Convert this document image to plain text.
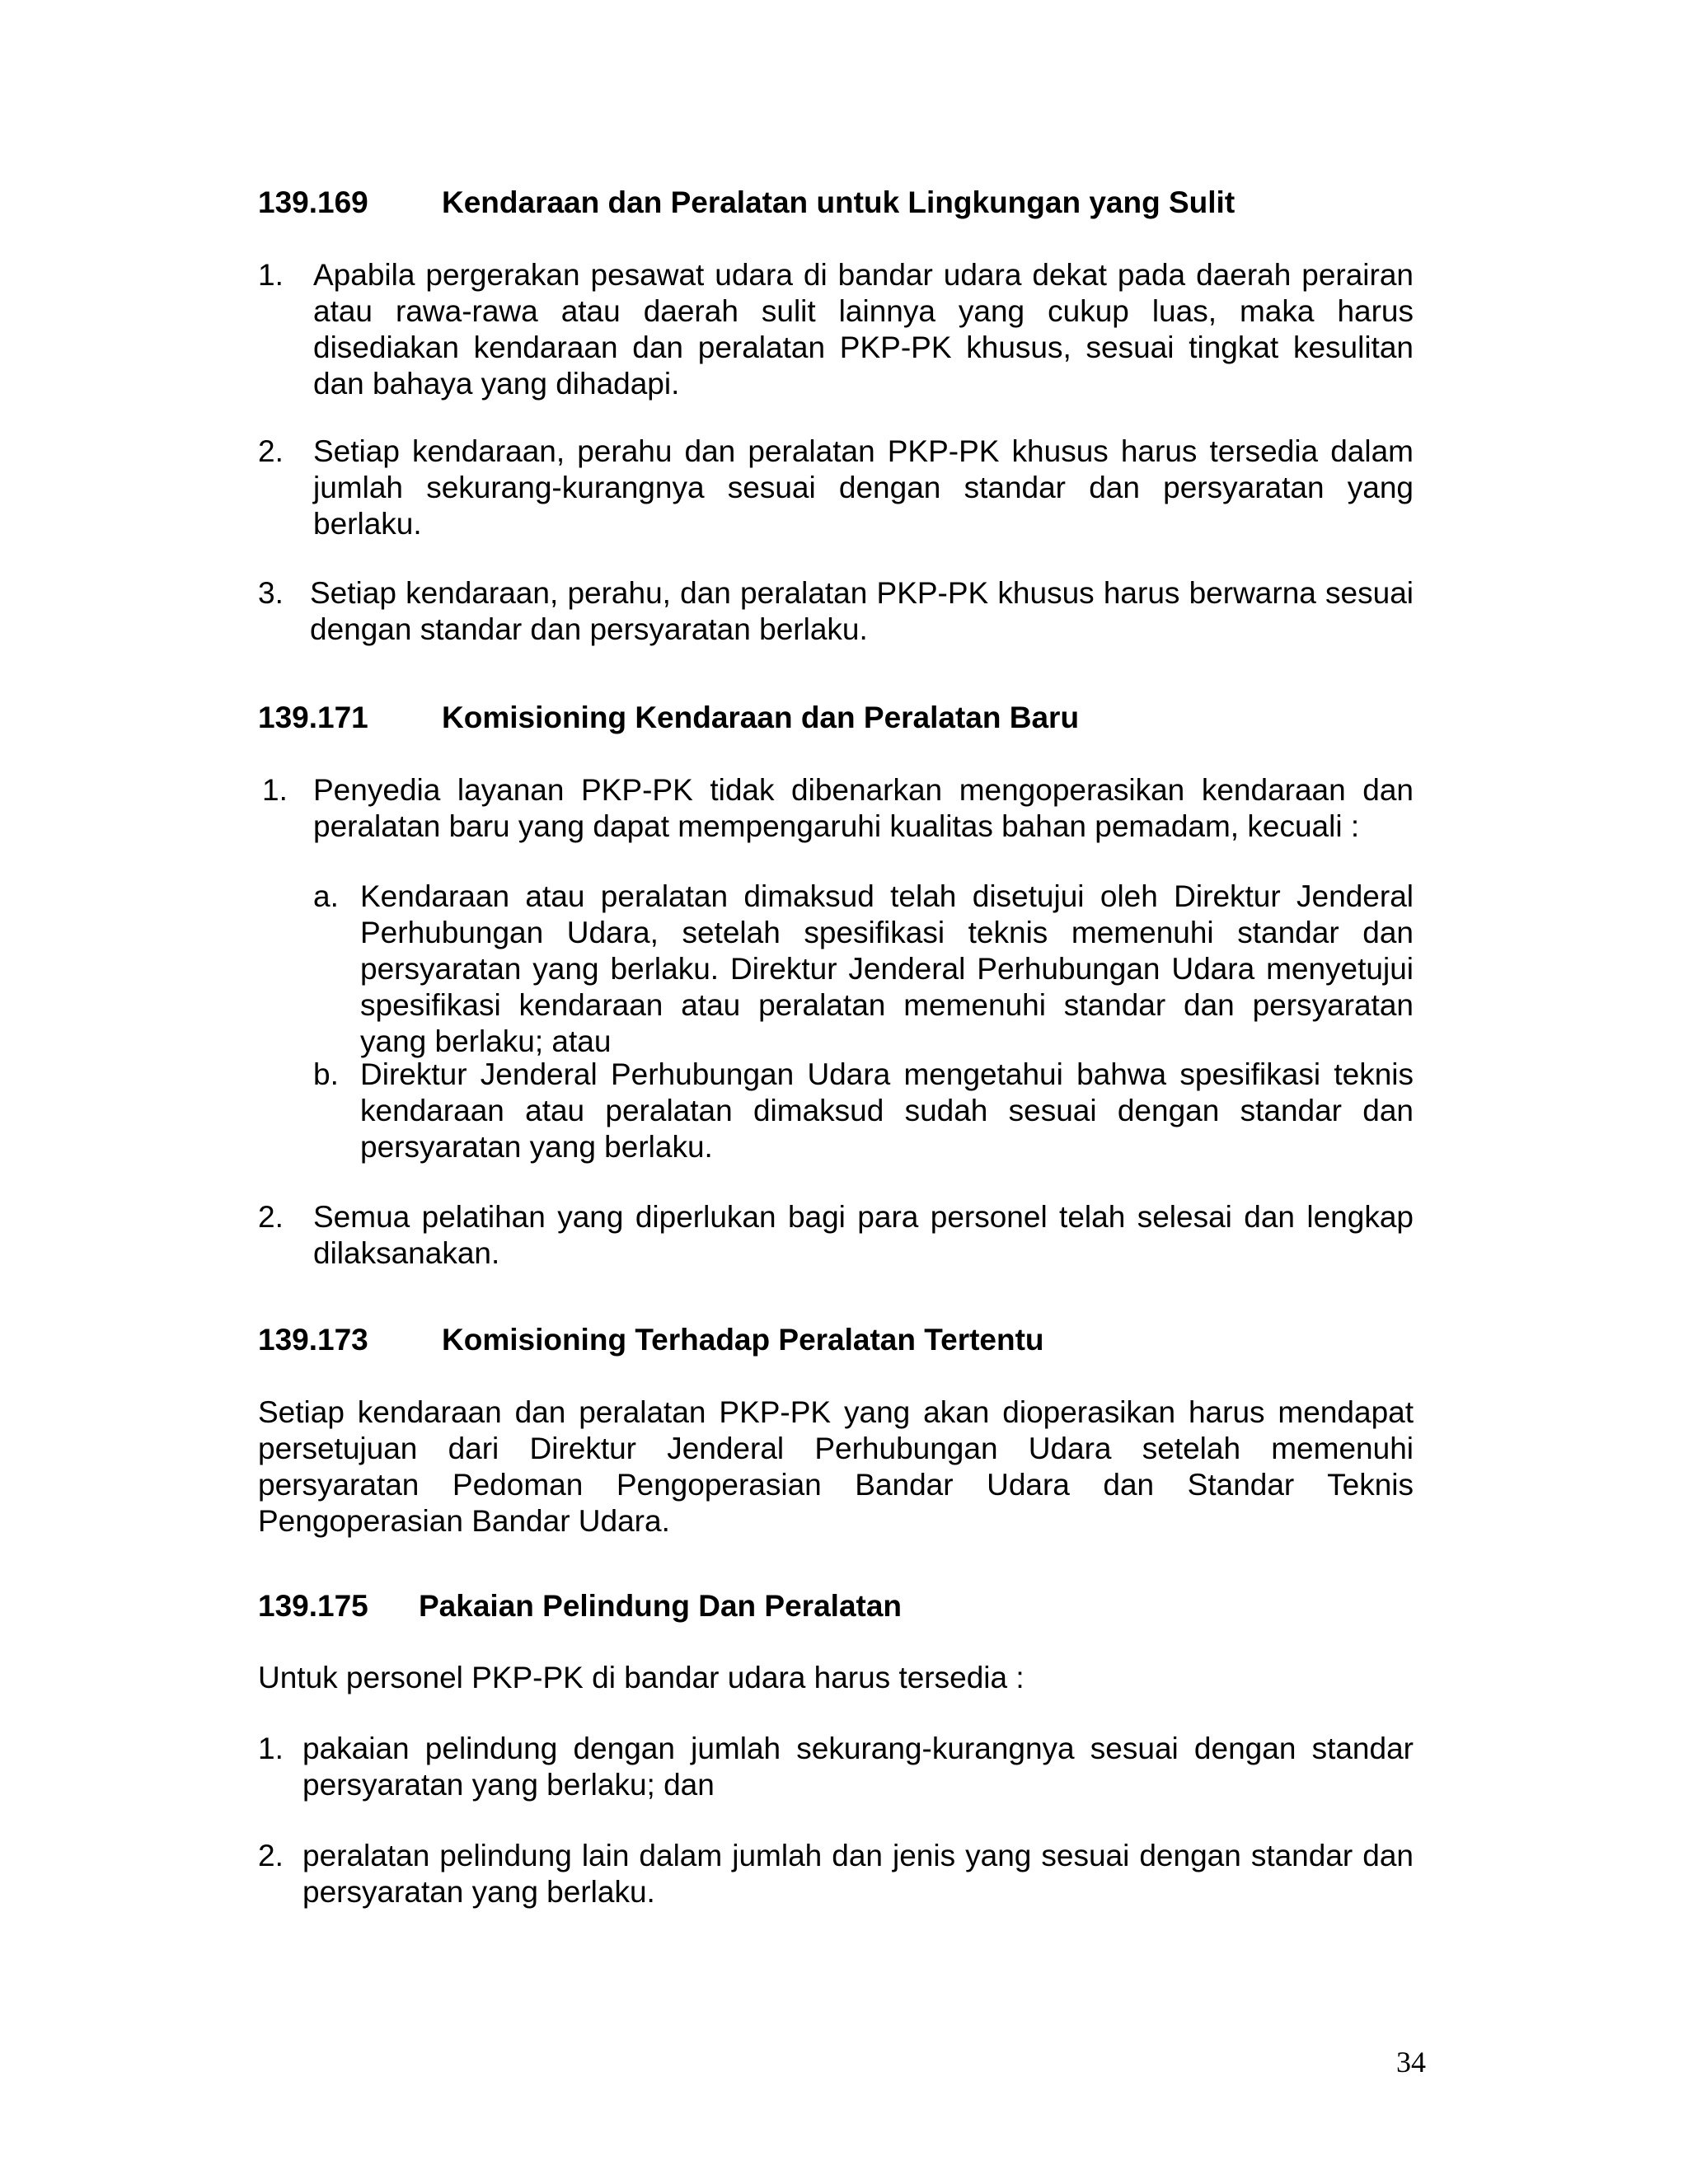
139.169 Kendaraan dan Peralatan untuk Lingkungan yang Sulit
1. Apabila pergerakan pesawat udara di bandar udara dekat pada daerah perairan atau rawa-rawa atau daerah sulit lainnya yang cukup luas, maka harus disediakan kendaraan dan peralatan PKP-PK khusus, sesuai tingkat kesulitan dan bahaya yang dihadapi.
2. Setiap kendaraan, perahu dan peralatan PKP-PK khusus harus tersedia dalam jumlah sekurang-kurangnya sesuai dengan standar dan persyaratan yang berlaku.
3. Setiap kendaraan, perahu, dan peralatan PKP-PK khusus harus berwarna sesuai dengan standar dan persyaratan berlaku.
139.171 Komisioning Kendaraan dan Peralatan Baru
1. Penyedia layanan PKP-PK tidak dibenarkan mengoperasikan kendaraan dan peralatan baru yang dapat mempengaruhi kualitas bahan pemadam, kecuali :
a. Kendaraan atau peralatan dimaksud telah disetujui oleh Direktur Jenderal Perhubungan Udara, setelah spesifikasi teknis memenuhi standar dan persyaratan yang berlaku. Direktur Jenderal Perhubungan Udara menyetujui spesifikasi kendaraan atau peralatan memenuhi standar dan persyaratan yang berlaku; atau
b. Direktur Jenderal Perhubungan Udara mengetahui bahwa spesifikasi teknis kendaraan atau peralatan dimaksud sudah sesuai dengan standar dan persyaratan yang berlaku.
2. Semua pelatihan yang diperlukan bagi para personel telah selesai dan lengkap dilaksanakan.
139.173 Komisioning Terhadap Peralatan Tertentu
Setiap kendaraan dan peralatan PKP-PK yang akan dioperasikan harus mendapat persetujuan dari Direktur Jenderal Perhubungan Udara setelah memenuhi persyaratan Pedoman Pengoperasian Bandar Udara dan Standar Teknis Pengoperasian Bandar Udara.
139.175 Pakaian Pelindung Dan Peralatan
Untuk personel PKP-PK di bandar udara harus tersedia :
1. pakaian pelindung dengan jumlah sekurang-kurangnya sesuai dengan standar persyaratan yang berlaku; dan
2. peralatan pelindung lain dalam jumlah dan jenis yang sesuai dengan standar dan persyaratan yang berlaku.
34
